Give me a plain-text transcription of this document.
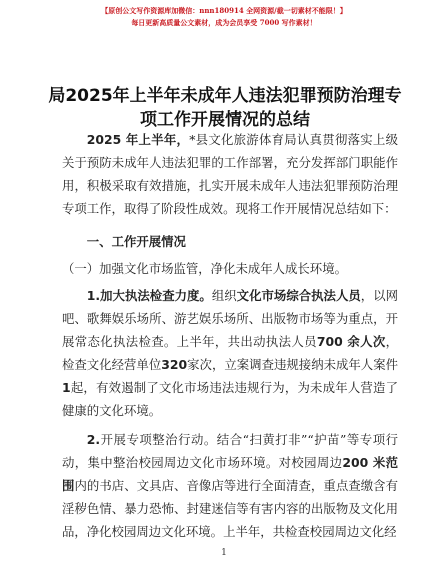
【原创公文写作资源库加微信：nnn180914 全网资源/截一切素材不能限！】
每日更新高质量公文素材，成为会员享受 7000 写作素材！
局2025年上半年未成年人违法犯罪预防治理专项工作开展情况的总结

2025 年上半年，*县文化旅游体育局认真贯彻落实上级关于预防未成年人违法犯罪的工作部署，充分发挥部门职能作用，积极采取有效措施，扎实开展未成年人违法犯罪预防治理专项工作，取得了阶段性成效。现将工作开展情况总结如下：

一、工作开展情况

（一）加强文化市场监管，净化未成年人成长环境。

1.加大执法检查力度。组织文化市场综合执法人员，以网吧、歌舞娱乐场所、游艺娱乐场所、出版物市场等为重点，开展常态化执法检查。上半年，共出动执法人员700 余人次，检查文化经营单位320家次，立案调查违规接纳未成年人案件1起，有效遏制了文化市场违法违规行为，为未成年人营造了健康的文化环境。

2.开展专项整治行动。结合“扫黄打非”“护苗”等专项行动，集中整治校园周边文化市场环境。对校园周边200 米范围内的书店、文具店、音像店等进行全面清查，重点查缴含有淫秽色情、暴力恐怖、封建迷信等有害内容的出版物及文化用品，净化校园周边文化环境。上半年，共检查校园周边文化经

1
